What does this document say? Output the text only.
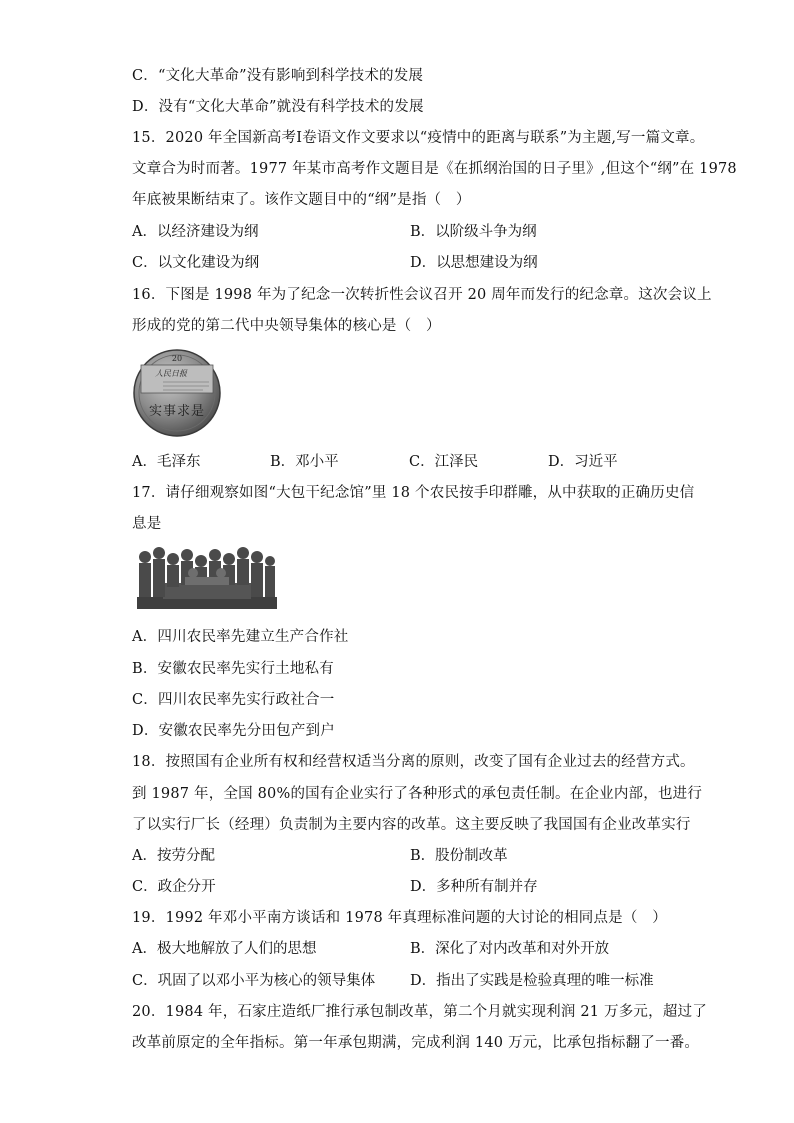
C．“文化大革命”没有影响到科学技术的发展
D．没有“文化大革命”就没有科学技术的发展
15．2020 年全国新高考Ⅰ卷语文作文要求以“疫情中的距离与联系”为主题,写一篇文章。
文章合为时而著。1977 年某市高考作文题目是《在抓纲治国的日子里》,但这个“纲”在 1978
年底被果断结束了。该作文题目中的“纲”是指（　）
A．以经济建设为纲	B．以阶级斗争为纲
C．以文化建设为纲	D．以思想建设为纲
16．下图是 1998 年为了纪念一次转折性会议召开 20 周年而发行的纪念章。这次会议上
形成的党的第二代中央领导集体的核心是（　）
20
人民日报
实事求是
A．毛泽东	B．邓小平	C．江泽民	D．习近平
17．请仔细观察如图“大包干纪念馆”里 18 个农民按手印群雕，从中获取的正确历史信
息是
A．四川农民率先建立生产合作社
B．安徽农民率先实行土地私有
C．四川农民率先实行政社合一
D．安徽农民率先分田包产到户
18．按照国有企业所有权和经营权适当分离的原则，改变了国有企业过去的经营方式。
到 1987 年，全国 80%的国有企业实行了各种形式的承包责任制。在企业内部，也进行
了以实行厂长（经理）负责制为主要内容的改革。这主要反映了我国国有企业改革实行
A．按劳分配	B．股份制改革
C．政企分开	D．多种所有制并存
19．1992 年邓小平南方谈话和 1978 年真理标准问题的大讨论的相同点是（　）
A．极大地解放了人们的思想	B．深化了对内改革和对外开放
C．巩固了以邓小平为核心的领导集体 D．指出了实践是检验真理的唯一标准
20．1984 年，石家庄造纸厂推行承包制改革，第二个月就实现利润 21 万多元，超过了
改革前原定的全年指标。第一年承包期满，完成利润 140 万元，比承包指标翻了一番。
